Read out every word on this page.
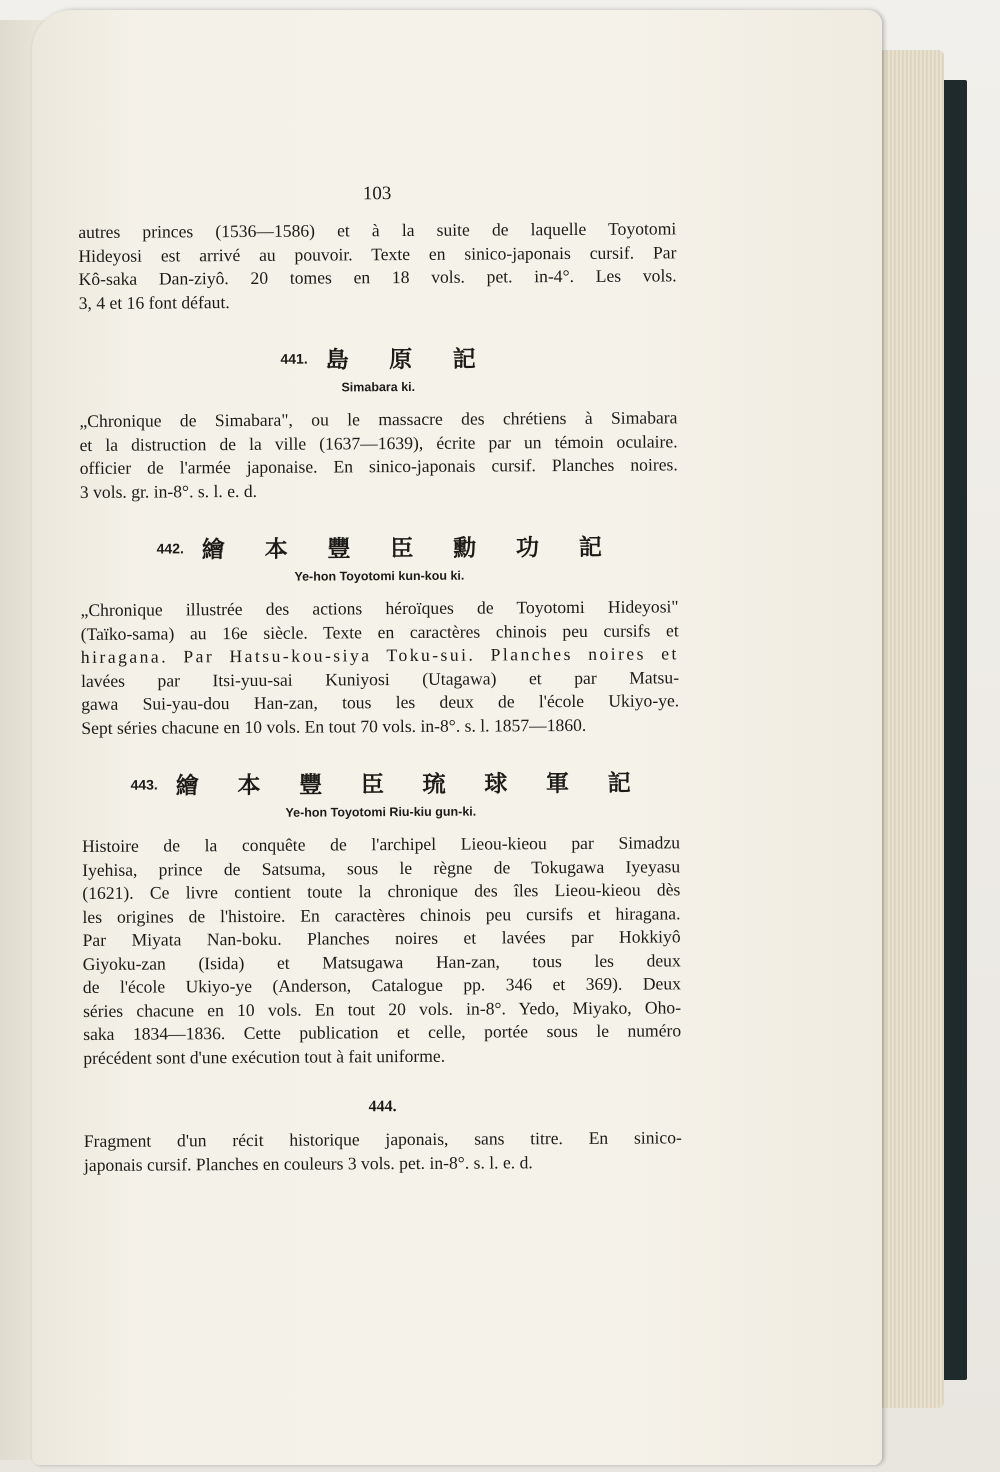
103

autres princes (1536—1586) et à la suite de laquelle Toyotomi
Hideyosi est arrivé au pouvoir. Texte en sinico-japonais cursif. Par
Kô-saka Dan-ziyô. 20 tomes en 18 vols. pet. in-4°. Les vols.
3, 4 et 16 font défaut.

441. 島 原 記
Simabara ki.

„Chronique de Simabara", ou le massacre des chrétiens à Simabara
et la distruction de la ville (1637—1639), écrite par un témoin oculaire.
officier de l'armée japonaise. En sinico-japonais cursif. Planches noires.
3 vols. gr. in-8°. s. l. e. d.

442. 繪 本 豐 臣 勳 功 記
Ye-hon Toyotomi kun-kou ki.

„Chronique illustrée des actions héroïques de Toyotomi Hideyosi"
(Taïko-sama) au 16e siècle. Texte en caractères chinois peu cursifs et
hiragana. Par Hatsu-kou-siya Toku-sui. Planches noires et
lavées par Itsi-yuu-sai Kuniyosi (Utagawa) et par Matsu-
gawa Sui-yau-dou Han-zan, tous les deux de l'école Ukiyo-ye.
Sept séries chacune en 10 vols. En tout 70 vols. in-8°. s. l. 1857—1860.

443. 繪 本 豐 臣 琉 球 軍 記
Ye-hon Toyotomi Riu-kiu gun-ki.

Histoire de la conquête de l'archipel Lieou-kieou par Simadzu
Iyehisa, prince de Satsuma, sous le règne de Tokugawa Iyeyasu
(1621). Ce livre contient toute la chronique des îles Lieou-kieou dès
les origines de l'histoire. En caractères chinois peu cursifs et hiragana.
Par Miyata Nan-boku. Planches noires et lavées par Hokkiyô
Giyoku-zan (Isida) et Matsugawa Han-zan, tous les deux
de l'école Ukiyo-ye (Anderson, Catalogue pp. 346 et 369). Deux
séries chacune en 10 vols. En tout 20 vols. in-8°. Yedo, Miyako, Oho-
saka 1834—1836. Cette publication et celle, portée sous le numéro
précédent sont d'une exécution tout à fait uniforme.

444.

Fragment d'un récit historique japonais, sans titre. En sinico-
japonais cursif. Planches en couleurs 3 vols. pet. in-8°. s. l. e. d.
